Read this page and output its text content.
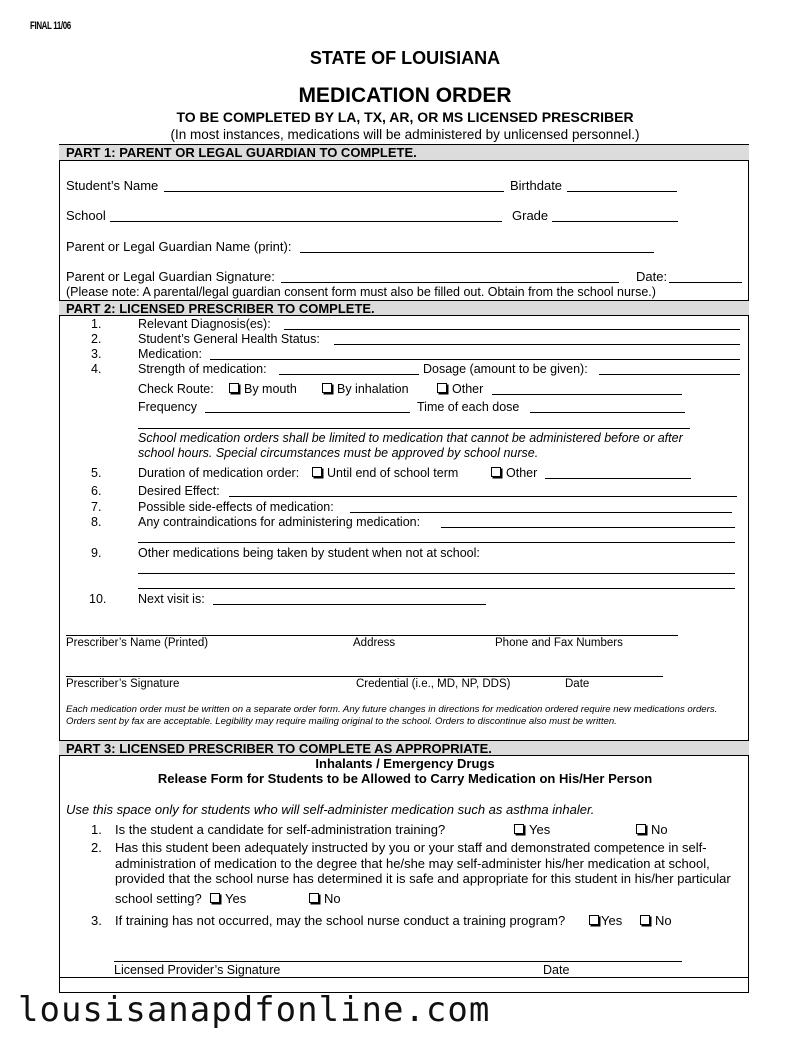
FINAL 11/06
STATE OF LOUISIANA
MEDICATION ORDER
TO BE COMPLETED BY LA, TX, AR, OR MS LICENSED PRESCRIBER
(In most instances, medications will be administered by unlicensed personnel.)
PART 1: PARENT OR LEGAL GUARDIAN TO COMPLETE.
Student’s Name	Birthdate
School	Grade
Parent or Legal Guardian Name (print):
Parent or Legal Guardian Signature:	Date:
(Please note: A parental/legal guardian consent form must also be filled out. Obtain from the school nurse.)
PART 2: LICENSED PRESCRIBER TO COMPLETE.
1.	Relevant Diagnosis(es):
2.	Student’s General Health Status:
3.	Medication:
4.	Strength of medication:	Dosage (amount to be given):
Check Route:	By mouth	By inhalation	Other
Frequency	Time of each dose
School medication orders shall be limited to medication that cannot be administered before or after
school hours. Special circumstances must be approved by school nurse.
5.	Duration of medication order:	Until end of school term	Other
6.	Desired Effect:
7.	Possible side-effects of medication:
8.	Any contraindications for administering medication:
9.	Other medications being taken by student when not at school:
10.	Next visit is:
Prescriber’s Name (Printed)	Address	Phone and Fax Numbers
Prescriber’s Signature	Credential (i.e., MD, NP, DDS)	Date
Each medication order must be written on a separate order form. Any future changes in directions for medication ordered require new medications orders. Orders sent by fax are acceptable. Legibility may require mailing original to the school. Orders to discontinue also must be written.
PART 3: LICENSED PRESCRIBER TO COMPLETE AS APPROPRIATE.
Inhalants / Emergency Drugs
Release Form for Students to be Allowed to Carry Medication on His/Her Person
Use this space only for students who will self-administer medication such as asthma inhaler.
1. Is the student a candidate for self-administration training?	Yes	No
2. Has this student been adequately instructed by you or your staff and demonstrated competence in self-
administration of medication to the degree that he/she may self-administer his/her medication at school,
provided that the school nurse has determined it is safe and appropriate for this student in his/her particular
school setting?	Yes	No
3. If training has not occurred, may the school nurse conduct a training program?	Yes	No
Licensed Provider’s Signature	Date
lousisanapdfonline.com
